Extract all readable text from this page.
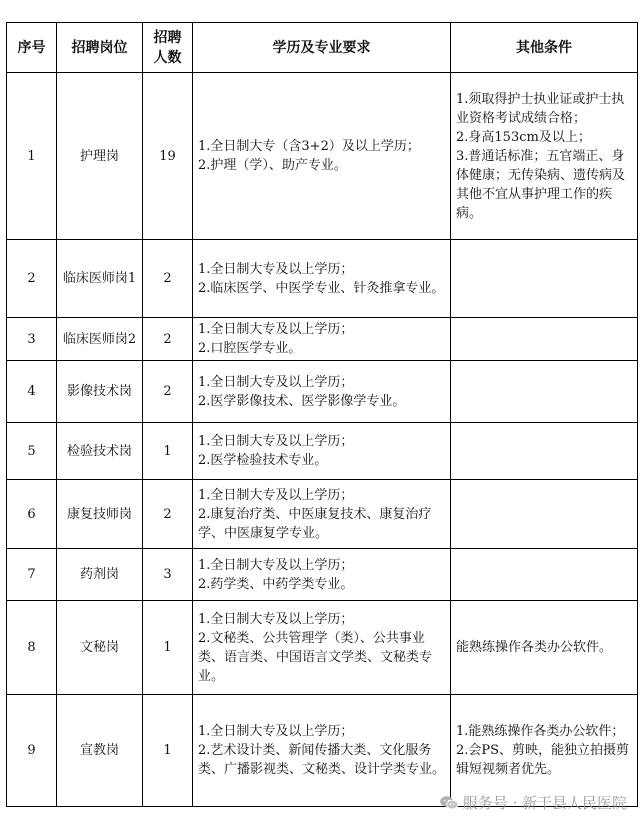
序号	招聘岗位	招聘人数	学历及专业要求	其他条件
1	护理岗	19	1.全日制大专（含3+2）及以上学历；
2.护理（学）、助产专业。	1.须取得护士执业证或护士执业资格考试成绩合格；
2.身高153cm及以上；
3.普通话标准；五官端正、身体健康；无传染病、遗传病及其他不宜从事护理工作的疾病。
2	临床医师岗1	2	1.全日制大专及以上学历；
2.临床医学、中医学专业、针灸推拿专业。	
3	临床医师岗2	2	1.全日制大专及以上学历；
2.口腔医学专业。	
4	影像技术岗	2	1.全日制大专及以上学历；
2.医学影像技术、医学影像学专业。	
5	检验技术岗	1	1.全日制大专及以上学历；
2.医学检验技术专业。	
6	康复技师岗	2	1.全日制大专及以上学历；
2.康复治疗类、中医康复技术、康复治疗学、中医康复学专业。	
7	药剂岗	3	1.全日制大专及以上学历；
2.药学类、中药学类专业。	
8	文秘岗	1	1.全日制大专及以上学历；
2.文秘类、公共管理学（类）、公共事业类、语言类、中国语言文学类、文秘类专业。	能熟练操作各类办公软件。
9	宣教岗	1	1.全日制大专及以上学历；
2.艺术设计类、新闻传播大类、文化服务类、广播影视类、文秘类、设计学类专业。	1.能熟练操作各类办公软件；
2.会PS、剪映，能独立拍摄剪辑短视频者优先。
服务号 · 新干县人民医院
